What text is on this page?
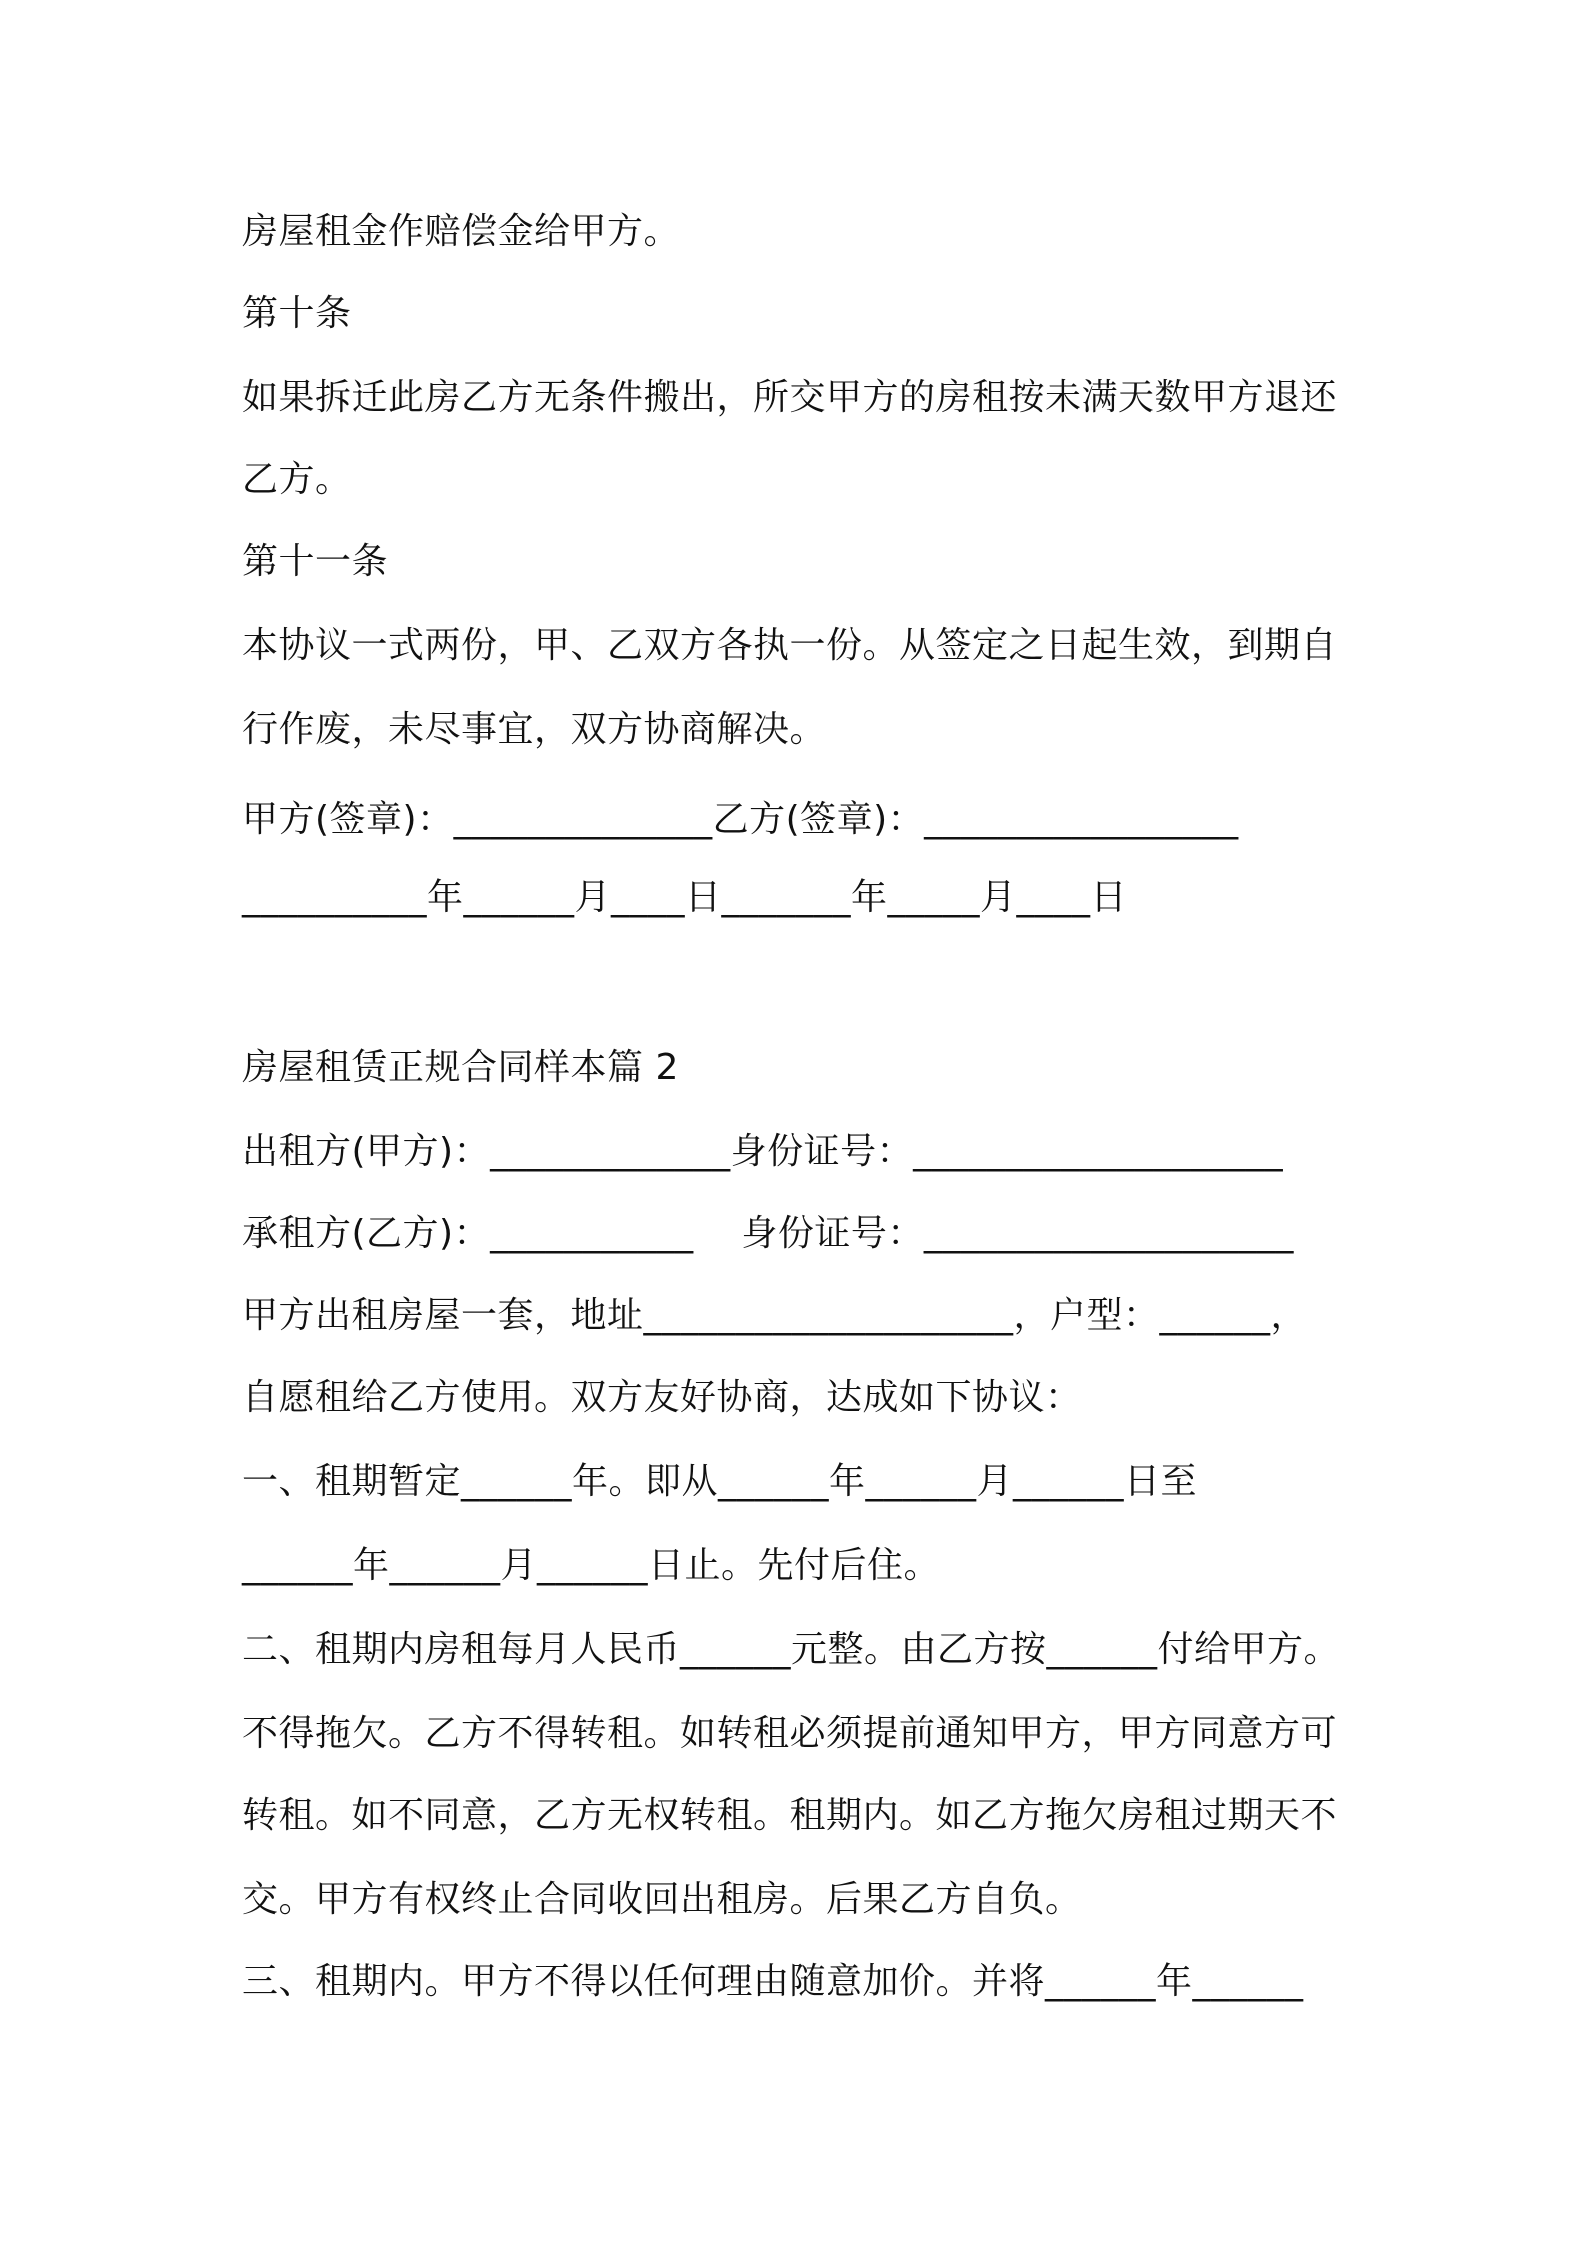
房屋租金作赔偿金给甲方。
第十条
如果拆迁此房乙方无条件搬出，所交甲方的房租按未满天数甲方退还
乙方。
第十一条
本协议一式两份，甲、乙双方各执一份。从签定之日起生效，到期自
行作废，未尽事宜，双方协商解决。
甲方(签章)：______________乙方(签章)：_________________
__________年______月____日_______年_____月____日
房屋租赁正规合同样本篇 2
出租方(甲方)：_____________身份证号：____________________
承租方(乙方)：___________    身份证号：____________________
甲方出租房屋一套，地址____________________，户型：______，
自愿租给乙方使用。双方友好协商，达成如下协议：
一、租期暂定______年。即从______年______月______日至
______年______月______日止。先付后住。
二、租期内房租每月人民币______元整。由乙方按______付给甲方。
不得拖欠。乙方不得转租。如转租必须提前通知甲方，甲方同意方可
转租。如不同意，乙方无权转租。租期内。如乙方拖欠房租过期天不
交。甲方有权终止合同收回出租房。后果乙方自负。
三、租期内。甲方不得以任何理由随意加价。并将______年______
